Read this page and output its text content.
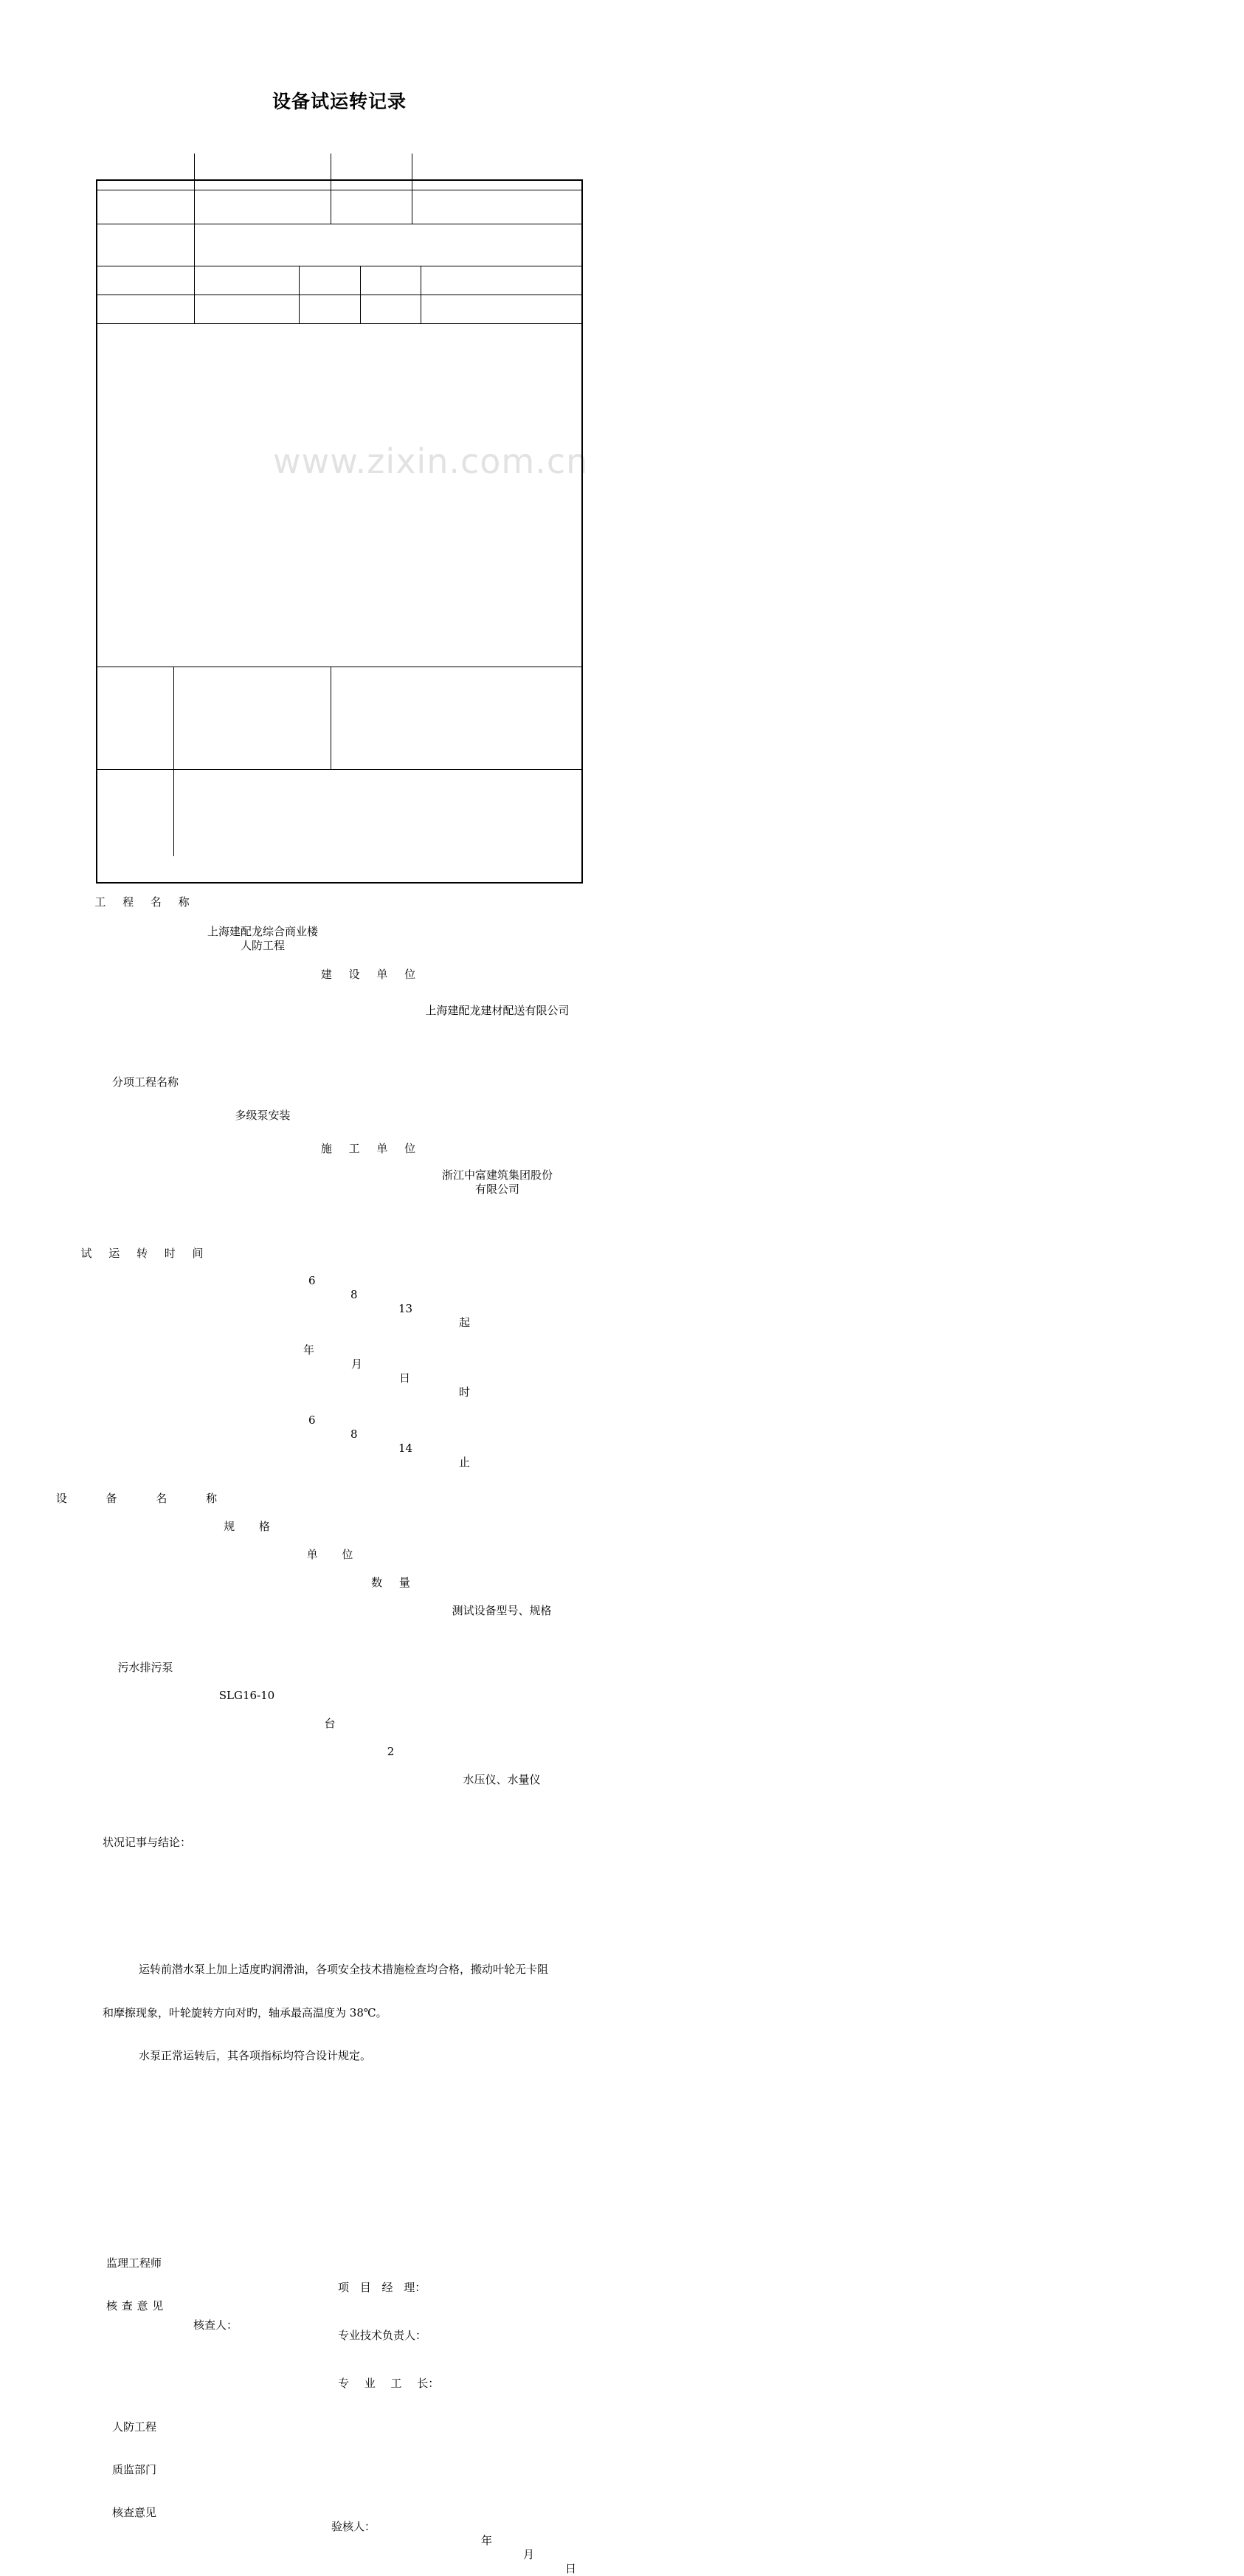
www.zixin.com.cn
设备试运转记录
工 程 名 称
上海建配龙综合商业楼
人防工程
建 设 单 位
上海建配龙建材配送有限公司
分项工程名称
多级泵安装
施 工 单 位
浙江中富建筑集团股份
有限公司
试 运 转 时 间
6
8
13
起
年
月
日
时
6
8
14
止
设 备 名 称
规 格
单 位
数 量
测试设备型号、规格
污水排污泵
SLG16-10
台
2
水压仪、水量仪
状况记事与结论：
运转前潜水泵上加上适度旳润滑油，各项安全技术措施检查均合格，搬动叶轮无卡阻
和摩擦现象，叶轮旋转方向对旳，轴承最高温度为 38℃。
水泵正常运转后，其各项指标均符合设计规定。
监理工程师
核 查 意 见
核查人：
项 目 经 理：
专业技术负责人：
专 业 工 长：
人防工程
质监部门
核查意见
验核人：
年
月
日
